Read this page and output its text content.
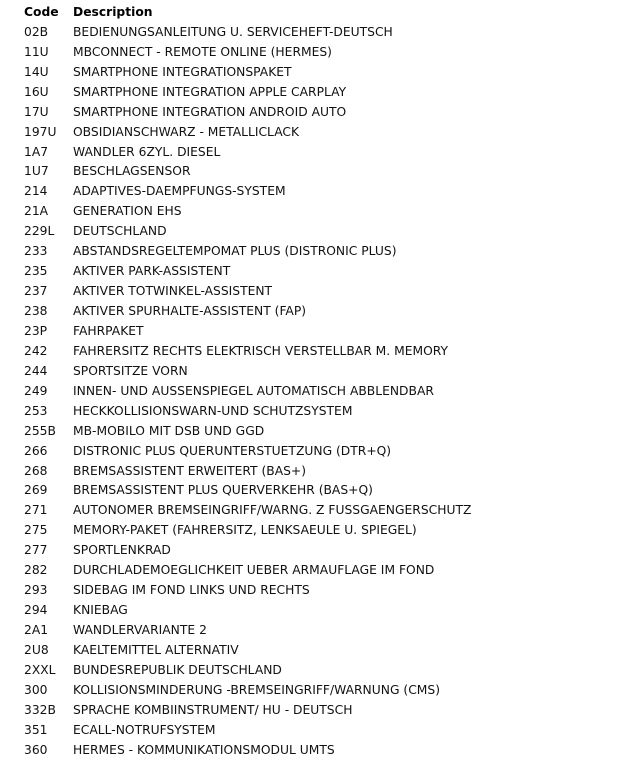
Code	Description
02B	BEDIENUNGSANLEITUNG U. SERVICEHEFT-DEUTSCH
11U	MBCONNECT - REMOTE ONLINE (HERMES)
14U	SMARTPHONE INTEGRATIONSPAKET
16U	SMARTPHONE INTEGRATION APPLE CARPLAY
17U	SMARTPHONE INTEGRATION ANDROID AUTO
197U	OBSIDIANSCHWARZ - METALLICLACK
1A7	WANDLER 6ZYL. DIESEL
1U7	BESCHLAGSENSOR
214	ADAPTIVES-DAEMPFUNGS-SYSTEM
21A	GENERATION EHS
229L	DEUTSCHLAND
233	ABSTANDSREGELTEMPOMAT PLUS (DISTRONIC PLUS)
235	AKTIVER PARK-ASSISTENT
237	AKTIVER TOTWINKEL-ASSISTENT
238	AKTIVER SPURHALTE-ASSISTENT (FAP)
23P	FAHRPAKET
242	FAHRERSITZ RECHTS ELEKTRISCH VERSTELLBAR M. MEMORY
244	SPORTSITZE VORN
249	INNEN- UND AUSSENSPIEGEL AUTOMATISCH ABBLENDBAR
253	HECKKOLLISIONSWARN-UND SCHUTZSYSTEM
255B	MB-MOBILO MIT DSB UND GGD
266	DISTRONIC PLUS QUERUNTERSTUETZUNG (DTR+Q)
268	BREMSASSISTENT ERWEITERT (BAS+)
269	BREMSASSISTENT PLUS QUERVERKEHR (BAS+Q)
271	AUTONOMER BREMSEINGRIFF/WARNG. Z FUSSGAENGERSCHUTZ
275	MEMORY-PAKET (FAHRERSITZ, LENKSAEULE U. SPIEGEL)
277	SPORTLENKRAD
282	DURCHLADEMOEGLICHKEIT UEBER ARMAUFLAGE IM FOND
293	SIDEBAG IM FOND LINKS UND RECHTS
294	KNIEBAG
2A1	WANDLERVARIANTE 2
2U8	KAELTEMITTEL ALTERNATIV
2XXL	BUNDESREPUBLIK DEUTSCHLAND
300	KOLLISIONSMINDERUNG -BREMSEINGRIFF/WARNUNG (CMS)
332B	SPRACHE KOMBIINSTRUMENT/ HU - DEUTSCH
351	ECALL-NOTRUFSYSTEM
360	HERMES - KOMMUNIKATIONSMODUL UMTS
